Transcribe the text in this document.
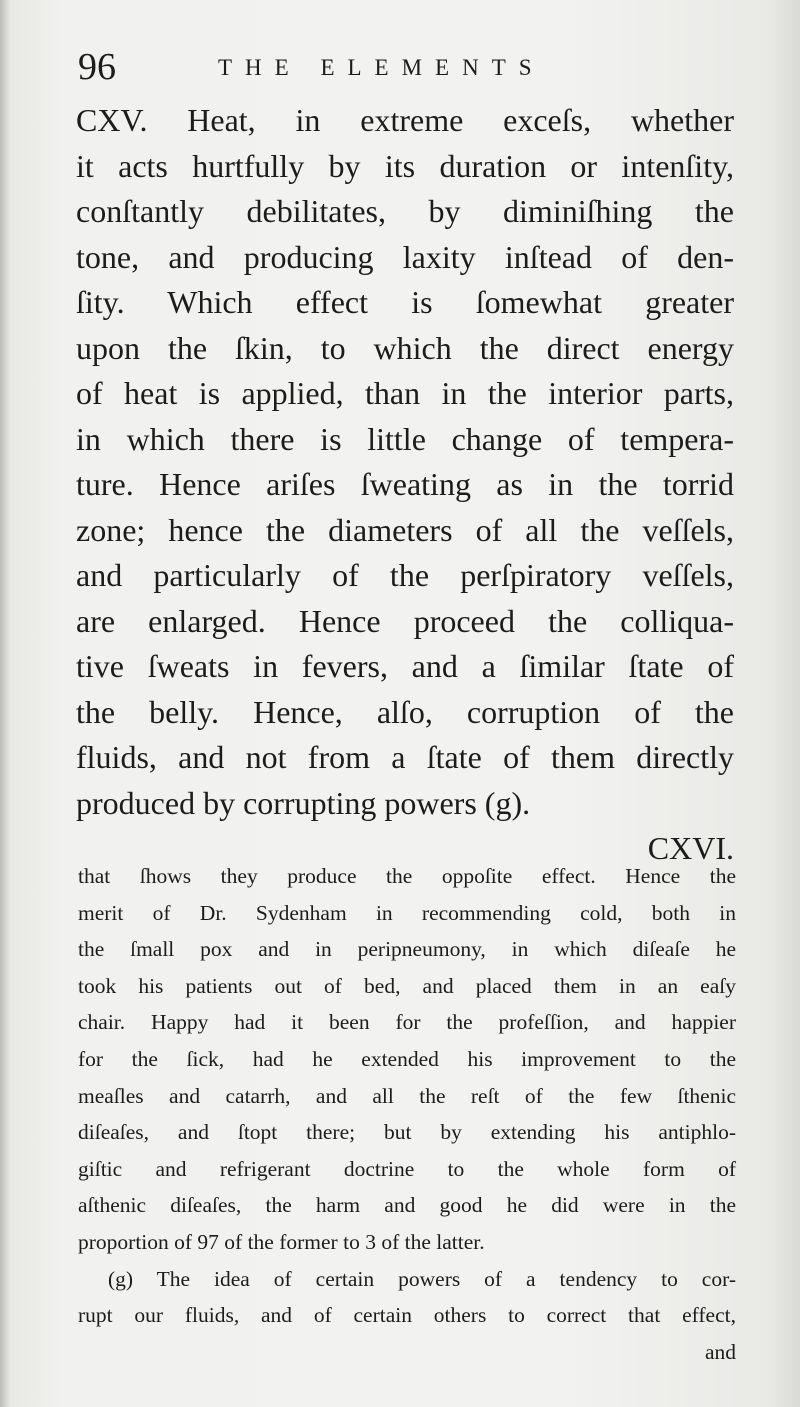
96	THE ELEMENTS
CXV. Heat, in extreme exceſs, whether
it acts hurtfully by its duration or intenſity,
conſtantly debilitates, by diminiſhing the
tone, and producing laxity inſtead of den-
ſity. Which effect is ſomewhat greater
upon the ſkin, to which the direct energy
of heat is applied, than in the interior parts,
in which there is little change of tempera-
ture. Hence ariſes ſweating as in the torrid
zone; hence the diameters of all the veſſels,
and particularly of the perſpiratory veſſels,
are enlarged. Hence proceed the colliqua-
tive ſweats in fevers, and a ſimilar ſtate of
the belly. Hence, alſo, corruption of the
fluids, and not from a ſtate of them directly
produced by corrupting powers (g).
CXVI.
that ſhows they produce the oppoſite effect. Hence the
merit of Dr. Sydenham in recommending cold, both in
the ſmall pox and in peripneumony, in which diſeaſe he
took his patients out of bed, and placed them in an eaſy
chair. Happy had it been for the profeſſion, and happier
for the ſick, had he extended his improvement to the
meaſles and catarrh, and all the reſt of the few ſthenic
diſeaſes, and ſtopt there; but by extending his antiphlo-
giſtic and refrigerant doctrine to the whole form of
aſthenic diſeaſes, the harm and good he did were in the
proportion of 97 of the former to 3 of the latter.
(g) The idea of certain powers of a tendency to cor-
rupt our fluids, and of certain others to correct that effect,
and
